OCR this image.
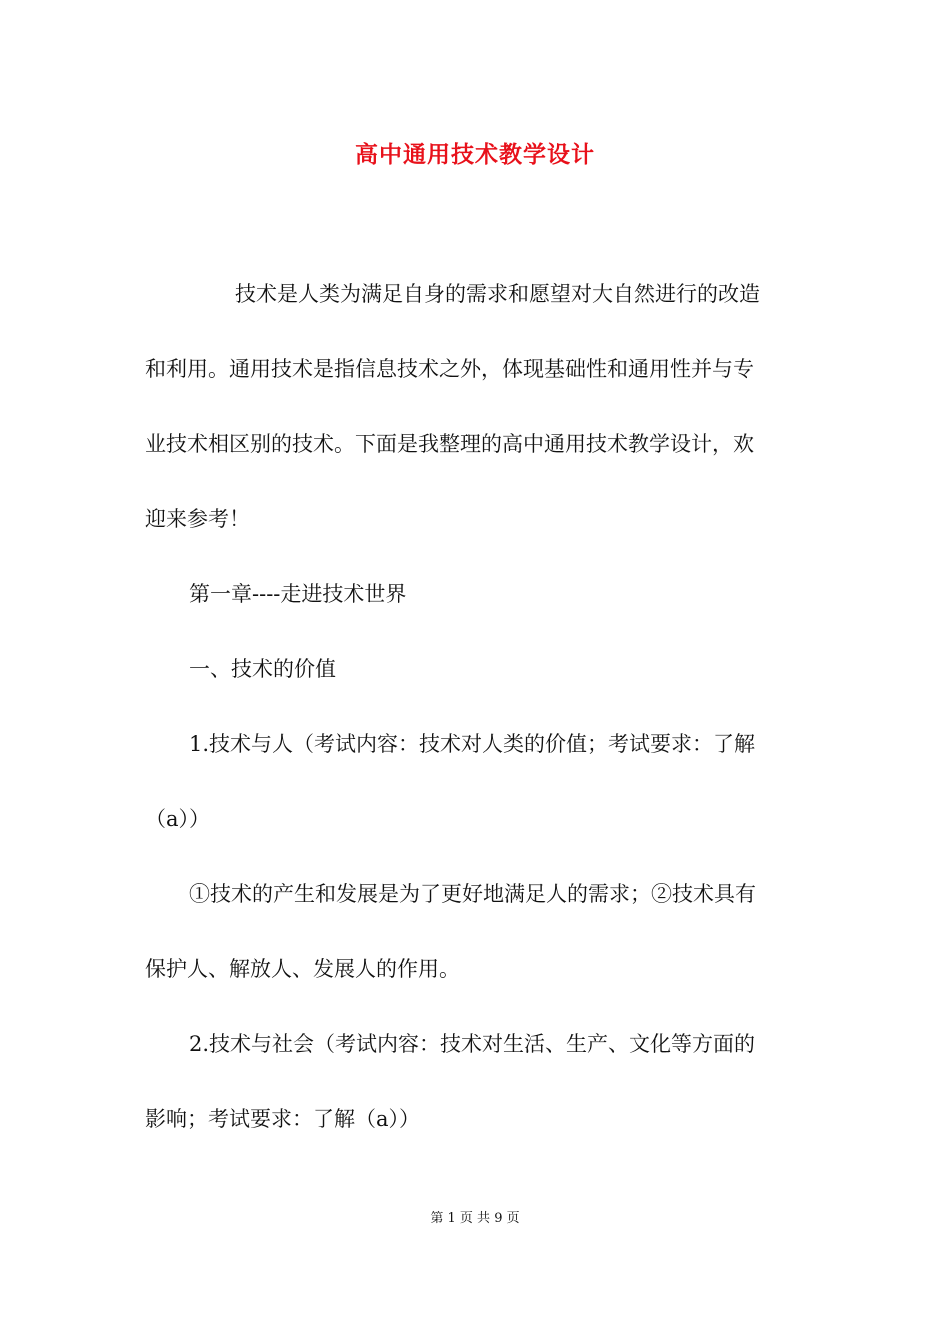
高中通用技术教学设计
技术是人类为满足自身的需求和愿望对大自然进行的改造
和利用。通用技术是指信息技术之外，体现基础性和通用性并与专
业技术相区别的技术。下面是我整理的高中通用技术教学设计，欢
迎来参考！
第一章----走进技术世界
一、技术的价值
1.技术与人（考试内容：技术对人类的价值；考试要求：了解
（a））
①技术的产生和发展是为了更好地满足人的需求；②技术具有
保护人、解放人、发展人的作用。
2.技术与社会（考试内容：技术对生活、生产、文化等方面的
影响；考试要求：了解（a））
第 1 页 共 9 页
